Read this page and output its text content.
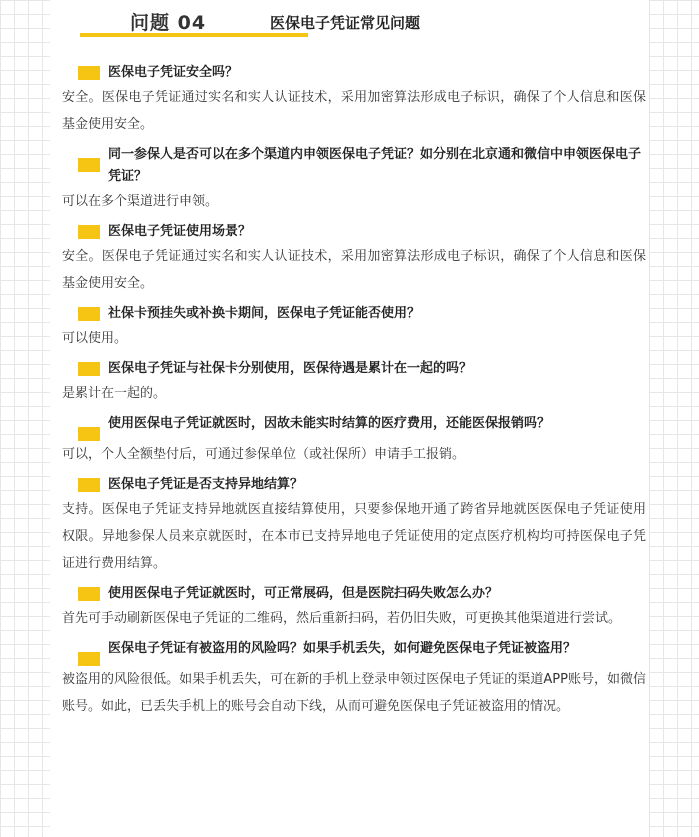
问题 04	医保电子凭证常见问题
医保电子凭证安全吗？

安全。医保电子凭证通过实名和实人认证技术，采用加密算法形成电子标识，确保了个人信息和医保基金使用安全。

同一参保人是否可以在多个渠道内申领医保电子凭证？如分别在北京通和微信中申领医保电子凭证？

可以在多个渠道进行申领。

医保电子凭证使用场景？

安全。医保电子凭证通过实名和实人认证技术，采用加密算法形成电子标识，确保了个人信息和医保基金使用安全。

社保卡预挂失或补换卡期间，医保电子凭证能否使用？

可以使用。

医保电子凭证与社保卡分别使用，医保待遇是累计在一起的吗？

是累计在一起的。

使用医保电子凭证就医时，因故未能实时结算的医疗费用，还能医保报销吗？

可以，个人全额垫付后，可通过参保单位（或社保所）申请手工报销。

医保电子凭证是否支持异地结算？

支持。医保电子凭证支持异地就医直接结算使用，只要参保地开通了跨省异地就医医保电子凭证使用权限。异地参保人员来京就医时，在本市已支持异地电子凭证使用的定点医疗机构均可持医保电子凭证进行费用结算。

使用医保电子凭证就医时，可正常展码，但是医院扫码失败怎么办？

首先可手动刷新医保电子凭证的二维码，然后重新扫码，若仍旧失败，可更换其他渠道进行尝试。

医保电子凭证有被盗用的风险吗？如果手机丢失，如何避免医保电子凭证被盗用？

被盗用的风险很低。如果手机丢失，可在新的手机上登录申领过医保电子凭证的渠道APP账号，如微信账号。如此，已丢失手机上的账号会自动下线，从而可避免医保电子凭证被盗用的情况。
